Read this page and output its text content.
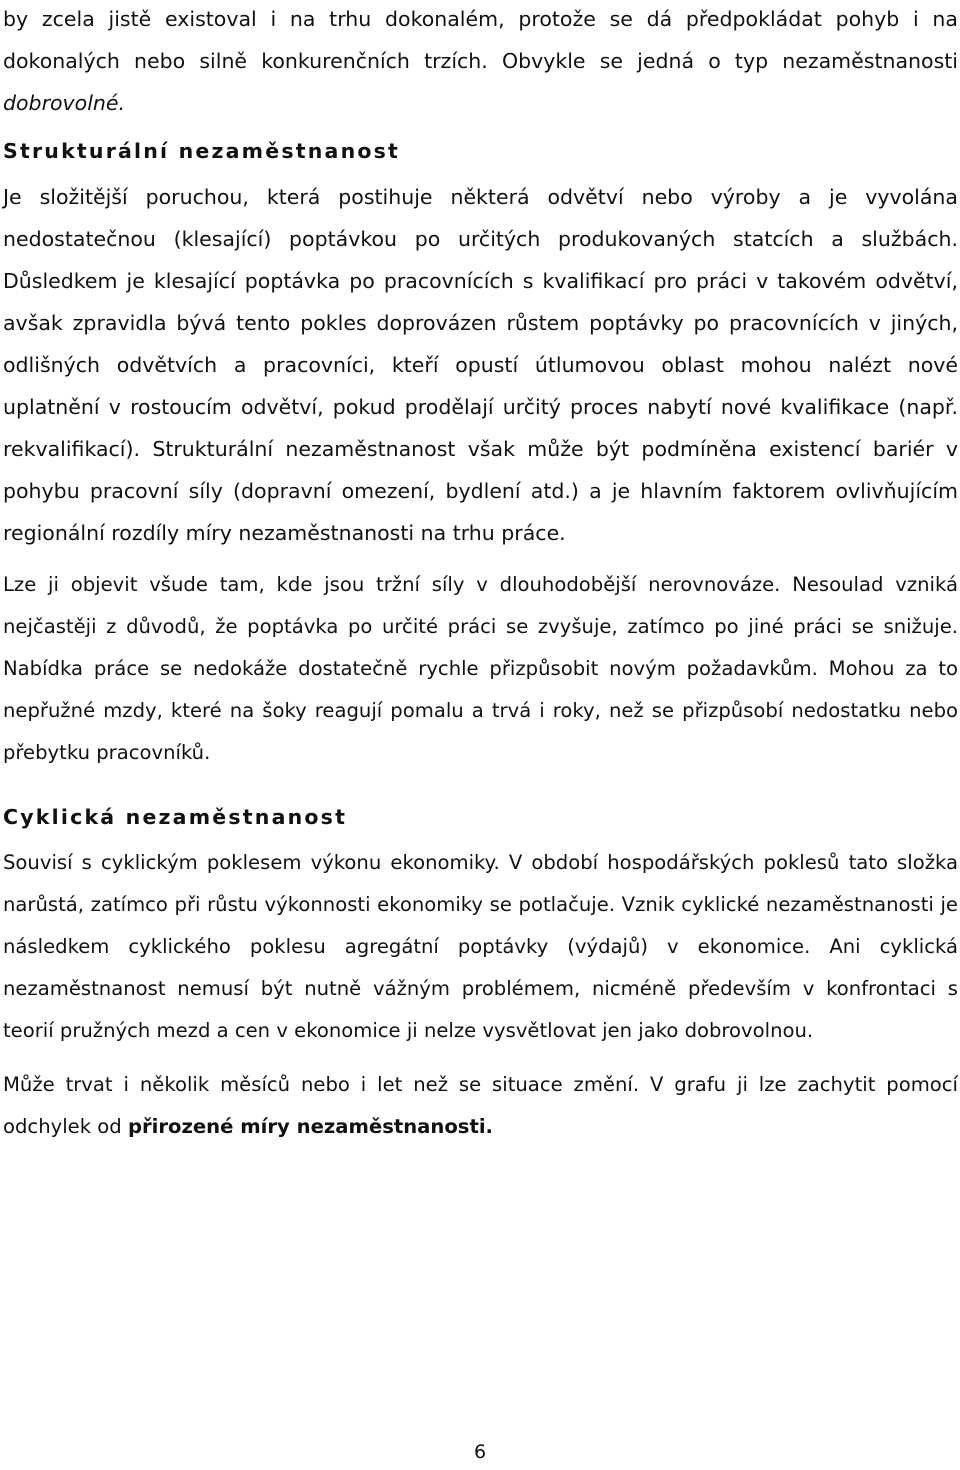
by zcela jistě existoval i na trhu dokonalém, protože se dá předpokládat pohyb i na dokonalých nebo silně konkurenčních trzích. Obvykle se jedná o typ nezaměstnanosti dobrovolné.

Strukturální nezaměstnanost

Je složitější poruchou, která postihuje některá odvětví nebo výroby a je vyvolána nedostatečnou (klesající) poptávkou po určitých produkovaných statcích a službách. Důsledkem je klesající poptávka po pracovnících s kvalifikací pro práci v takovém odvětví, avšak zpravidla bývá tento pokles doprovázen růstem poptávky po pracovnících v jiných, odlišných odvětvích a pracovníci, kteří opustí útlumovou oblast mohou nalézt nové uplatnění v rostoucím odvětví, pokud prodělají určitý proces nabytí nové kvalifikace (např. rekvalifikací). Strukturální nezaměstnanost však může být podmíněna existencí bariér v pohybu pracovní síly (dopravní omezení, bydlení atd.) a je hlavním faktorem ovlivňujícím regionální rozdíly míry nezaměstnanosti na trhu práce.

Lze ji objevit všude tam, kde jsou tržní síly v dlouhodobější nerovnováze. Nesoulad vzniká nejčastěji z důvodů, že poptávka po určité práci se zvyšuje, zatímco po jiné práci se snižuje. Nabídka práce se nedokáže dostatečně rychle přizpůsobit novým požadavkům. Mohou za to nepřužné mzdy, které na šoky reagují pomalu a trvá i roky, než se přizpůsobí nedostatku nebo přebytku pracovníků.

Cyklická nezaměstnanost

Souvisí s cyklickým poklesem výkonu ekonomiky. V období hospodářských poklesů tato složka narůstá, zatímco při růstu výkonnosti ekonomiky se potlačuje. Vznik cyklické nezaměstnanosti je následkem cyklického poklesu agregátní poptávky (výdajů) v ekonomice. Ani cyklická nezaměstnanost nemusí být nutně vážným problémem, nicméně především v konfrontaci s teorií pružných mezd a cen v ekonomice ji nelze vysvětlovat jen jako dobrovolnou.

Může trvat i několik měsíců nebo i let než se situace změní. V grafu ji lze zachytit pomocí odchylek od přirozené míry nezaměstnanosti.

6
